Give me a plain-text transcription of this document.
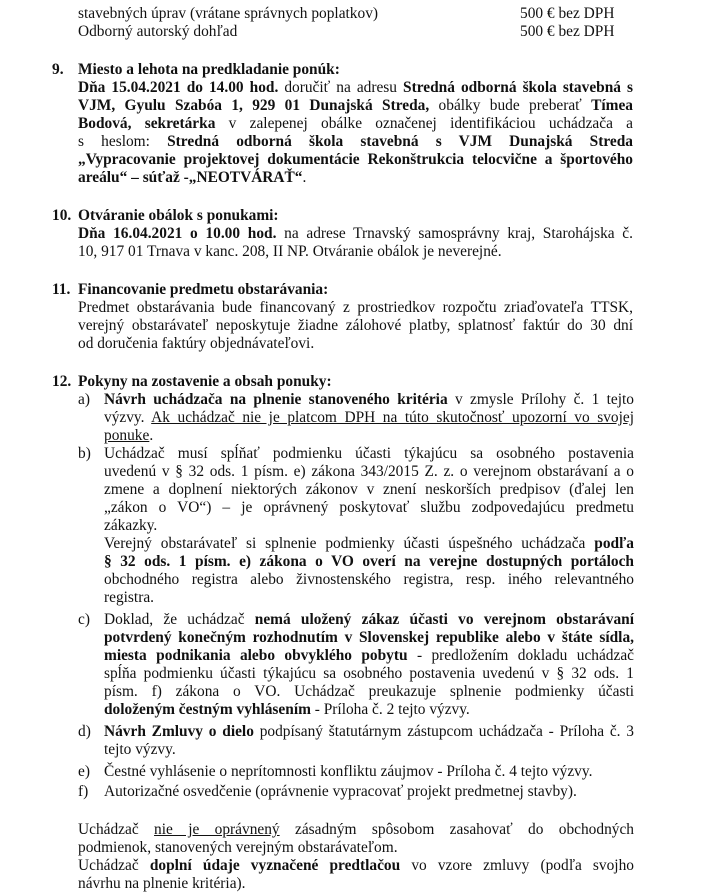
stavebných úprav (vrátane správnych poplatkov)	500 € bez DPH
Odborný autorský dohľad	500 € bez DPH
9. Miesto a lehota na predkladanie ponúk:
Dňa 15.04.2021 do 14.00 hod. doručiť na adresu Stredná odborná škola stavebná s
VJM, Gyulu Szabóa 1, 929 01 Dunajská Streda, obálky bude preberať Tímea
Bodová, sekretárka v zalepenej obálke označenej identifikáciou uchádzača a
s heslom: Stredná odborná škola stavebná s VJM Dunajská Streda
„Vypracovanie projektovej dokumentácie Rekonštrukcia telocvične a športového
areálu“ – súťaž -„NEOTVÁRAŤ“.
10. Otváranie obálok s ponukami:
Dňa 16.04.2021 o 10.00 hod. na adrese Trnavský samosprávny kraj, Starohájska č.
10, 917 01 Trnava v kanc. 208, II NP. Otváranie obálok je neverejné.
11. Financovanie predmetu obstarávania:
Predmet obstarávania bude financovaný z prostriedkov rozpočtu zriaďovateľa TTSK,
verejný obstarávateľ neposkytuje žiadne zálohové platby, splatnosť faktúr do 30 dní
od doručenia faktúry objednávateľovi.
12. Pokyny na zostavenie a obsah ponuky:
a) Návrh uchádzača na plnenie stanoveného kritéria v zmysle Prílohy č. 1 tejto
výzvy. Ak uchádzač nie je platcom DPH na túto skutočnosť upozorní vo svojej
ponuke.
b) Uchádzač musí spĺňať podmienku účasti týkajúcu sa osobného postavenia
uvedenú v § 32 ods. 1 písm. e) zákona 343/2015 Z. z. o verejnom obstarávaní a o
zmene a doplnení niektorých zákonov v znení neskorších predpisov (ďalej len
„zákon o VO“) – je oprávnený poskytovať službu zodpovedajúcu predmetu
zákazky.
Verejný obstarávateľ si splnenie podmienky účasti úspešného uchádzača podľa
§ 32 ods. 1 písm. e) zákona o VO overí na verejne dostupných portáloch
obchodného registra alebo živnostenského registra, resp. iného relevantného
registra.
c) Doklad, že uchádzač nemá uložený zákaz účasti vo verejnom obstarávaní
potvrdený konečným rozhodnutím v Slovenskej republike alebo v štáte sídla,
miesta podnikania alebo obvyklého pobytu - predložením dokladu uchádzač
spĺňa podmienku účasti týkajúcu sa osobného postavenia uvedenú v § 32 ods. 1
písm. f) zákona o VO. Uchádzač preukazuje splnenie podmienky účasti
doloženým čestným vyhlásením - Príloha č. 2 tejto výzvy.
d) Návrh Zmluvy o dielo podpísaný štatutárnym zástupcom uchádzača - Príloha č. 3
tejto výzvy.
e) Čestné vyhlásenie o neprítomnosti konfliktu záujmov - Príloha č. 4 tejto výzvy.
f) Autorizačné osvedčenie (oprávnenie vypracovať projekt predmetnej stavby).
Uchádzač nie je oprávnený zásadným spôsobom zasahovať do obchodných
podmienok, stanovených verejným obstarávateľom.
Uchádzač doplní údaje vyznačené predtlačou vo vzore zmluvy (podľa svojho
návrhu na plnenie kritéria).
